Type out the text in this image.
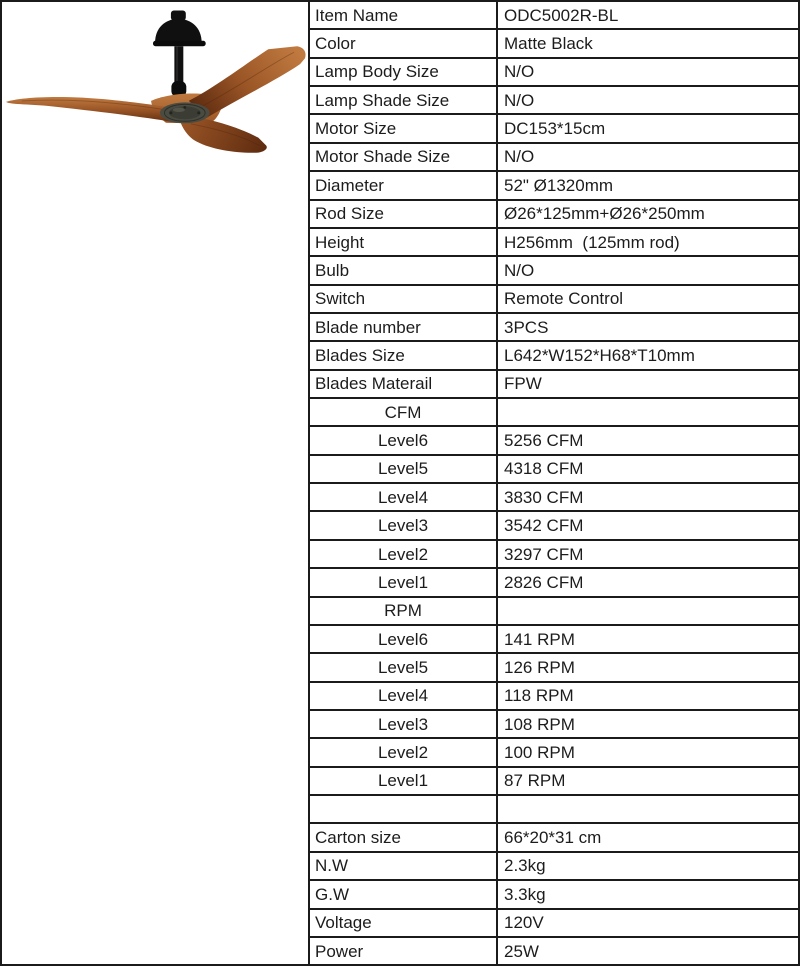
Item Name	ODC5002R-BL
Color	Matte Black
Lamp Body Size	N/O
Lamp Shade Size	N/O
Motor Size	DC153*15cm
Motor Shade Size	N/O
Diameter	52" Ø1320mm
Rod Size	Ø26*125mm+Ø26*250mm
Height	H256mm  (125mm rod)
Bulb	N/O
Switch	Remote Control
Blade number	3PCS
Blades Size	L642*W152*H68*T10mm
Blades Materail	FPW
CFM
Level6	5256 CFM
Level5	4318 CFM
Level4	3830 CFM
Level3	3542 CFM
Level2	3297 CFM
Level1	2826 CFM
RPM
Level6	141 RPM
Level5	126 RPM
Level4	118 RPM
Level3	108 RPM
Level2	100 RPM
Level1	87 RPM
Carton size	66*20*31 cm
N.W	2.3kg
G.W	3.3kg
Voltage	120V
Power	25W
